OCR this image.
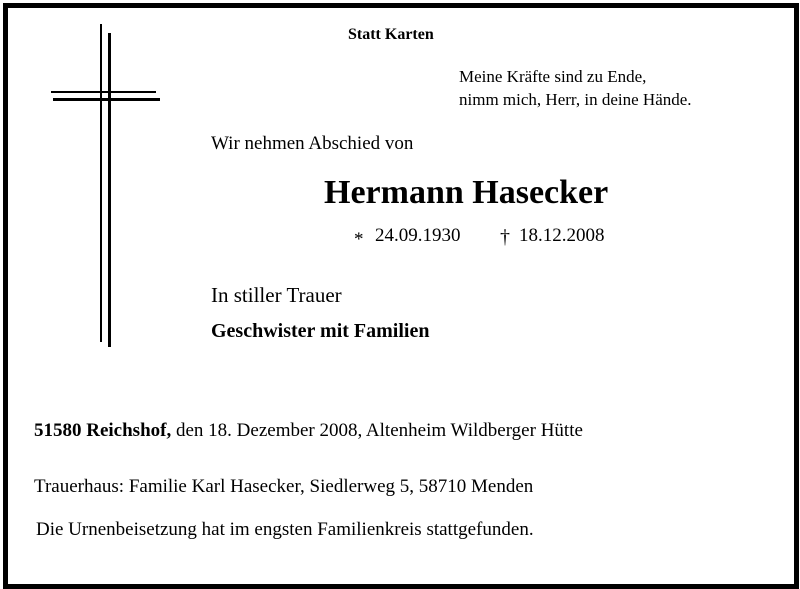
Statt Karten
Meine Kräfte sind zu Ende,
nimm mich, Herr, in deine Hände.
Wir nehmen Abschied von
Hermann Hasecker
* 24.09.1930 † 18.12.2008
In stiller Trauer
Geschwister mit Familien
51580 Reichshof, den 18. Dezember 2008, Altenheim Wildberger Hütte
Trauerhaus: Familie Karl Hasecker, Siedlerweg 5, 58710 Menden
Die Urnenbeisetzung hat im engsten Familienkreis stattgefunden.
